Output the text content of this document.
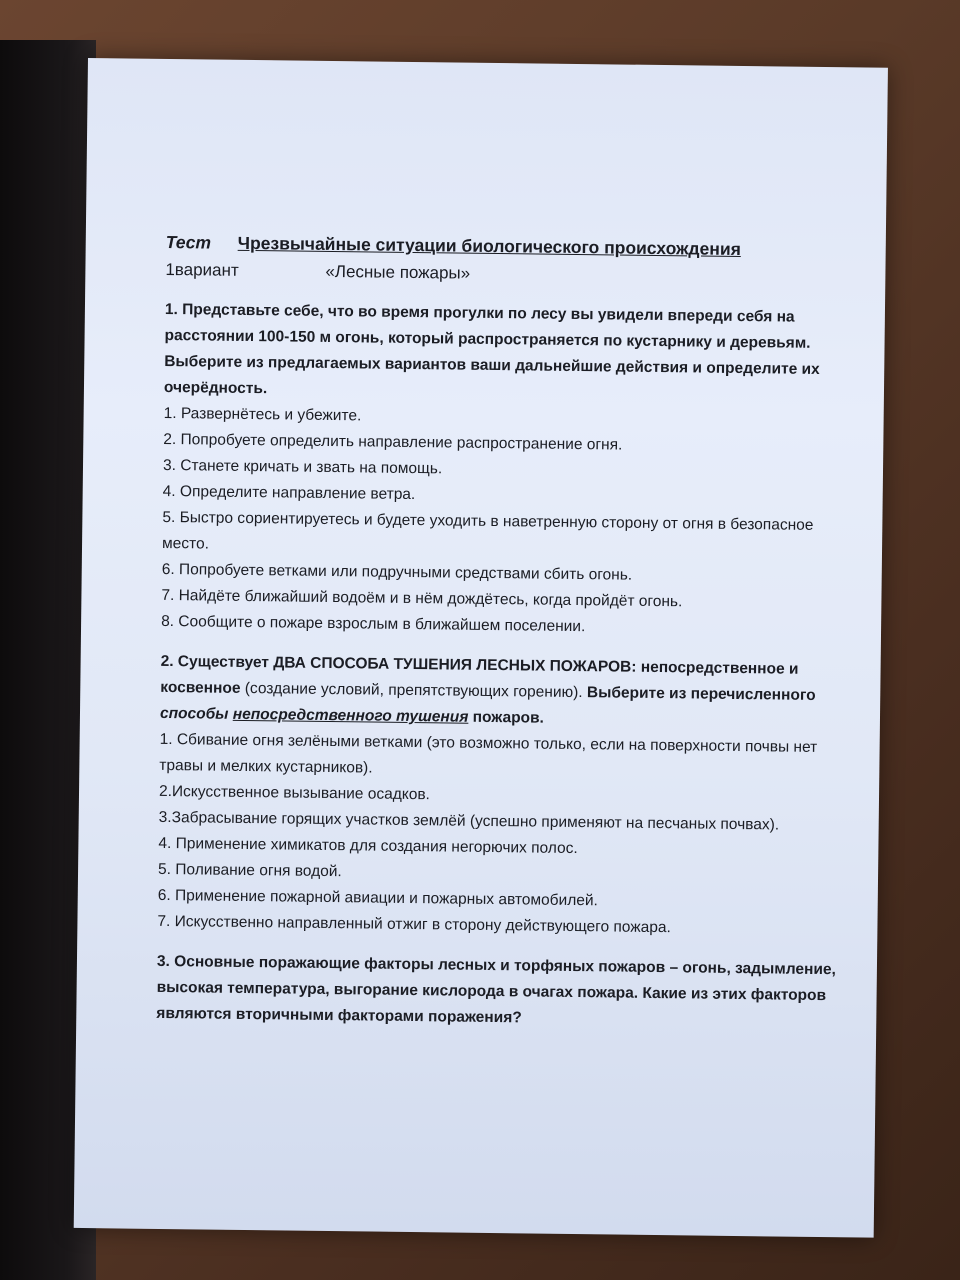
Тест Чрезвычайные ситуации биологического происхождения
1вариант	«Лесные пожары»

1. Представьте себе, что во время прогулки по лесу вы увидели впереди себя на расстоянии 100-150 м огонь, который распространяется по кустарнику и деревьям. Выберите из предлагаемых вариантов ваши дальнейшие действия и определите их очерёдность.

1. Развернётесь и убежите.

2. Попробуете определить направление распространение огня.

3. Станете кричать и звать на помощь.

4. Определите направление ветра.

5. Быстро сориентируетесь и будете уходить в наветренную сторону от огня в безопасное место.

6. Попробуете ветками или подручными средствами сбить огонь.

7. Найдёте ближайший водоём и в нём дождётесь, когда пройдёт огонь.

8. Сообщите о пожаре взрослым в ближайшем поселении.

2. Существует ДВА СПОСОБА ТУШЕНИЯ ЛЕСНЫХ ПОЖАРОВ: непосредственное и косвенное (создание условий, препятствующих горению). Выберите из перечисленного способы непосредственного тушения пожаров.

1. Сбивание огня зелёными ветками (это возможно только, если на поверхности почвы нет травы и мелких кустарников).

2.Искусственное вызывание осадков.

3.Забрасывание горящих участков землёй (успешно применяют на песчаных почвах).

4. Применение химикатов для создания негорючих полос.

5. Поливание огня водой.

6. Применение пожарной авиации и пожарных автомобилей.

7. Искусственно направленный отжиг в сторону действующего пожара.

3. Основные поражающие факторы лесных и торфяных пожаров – огонь, задымление, высокая температура, выгорание кислорода в очагах пожара. Какие из этих факторов являются вторичными факторами поражения?
